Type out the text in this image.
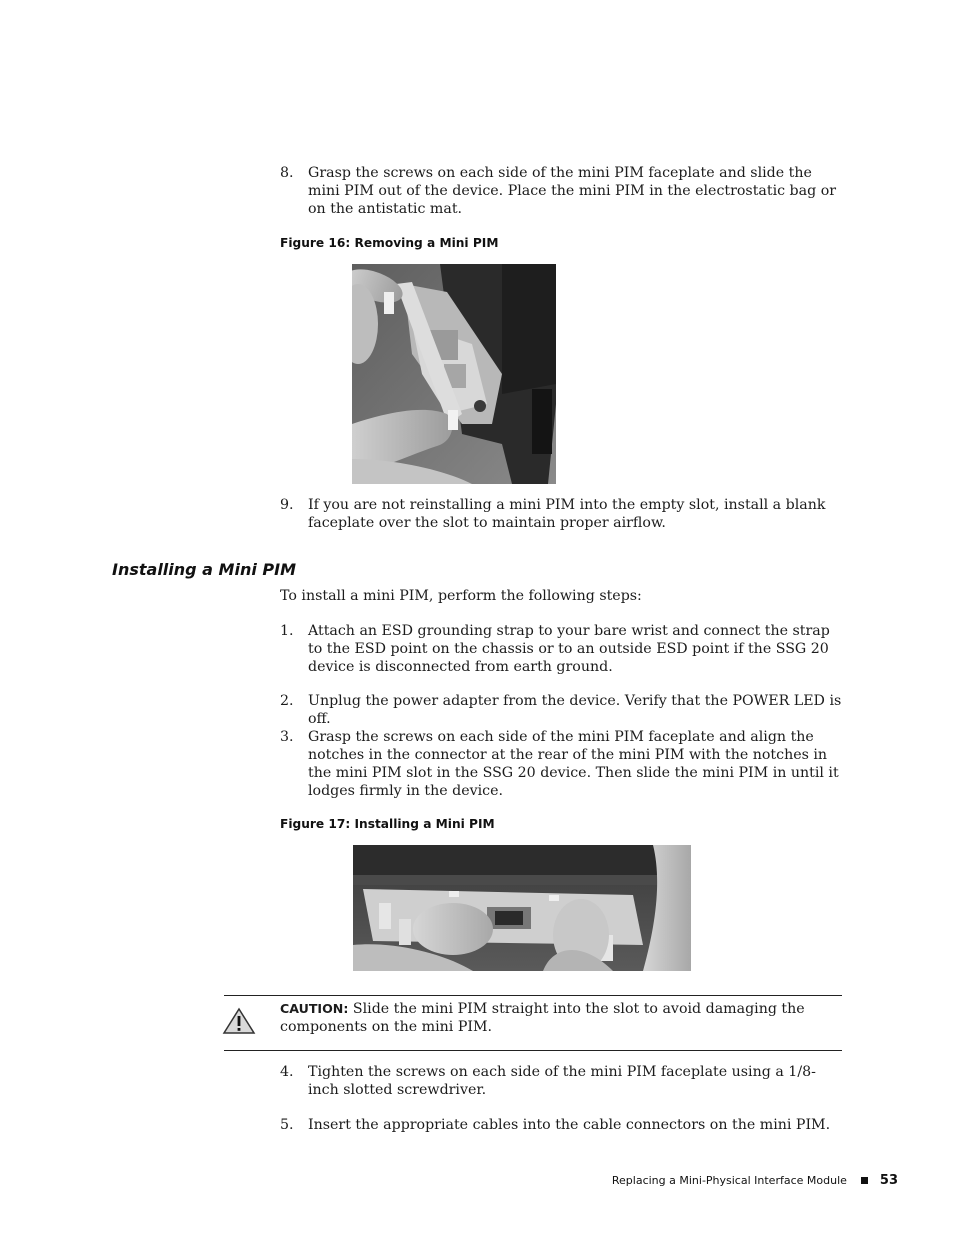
8. Grasp the screws on each side of the mini PIM faceplate and slide the mini PIM out of the device. Place the mini PIM in the electrostatic bag or on the antistatic mat.
Figure 16: Removing a Mini PIM
9. If you are not reinstalling a mini PIM into the empty slot, install a blank faceplate over the slot to maintain proper airflow.
Installing a Mini PIM
To install a mini PIM, perform the following steps:
1. Attach an ESD grounding strap to your bare wrist and connect the strap to the ESD point on the chassis or to an outside ESD point if the SSG 20 device is disconnected from earth ground.
2. Unplug the power adapter from the device. Verify that the POWER LED is off.
3. Grasp the screws on each side of the mini PIM faceplate and align the notches in the connector at the rear of the mini PIM with the notches in the mini PIM slot in the SSG 20 device. Then slide the mini PIM in until it lodges firmly in the device.
Figure 17: Installing a Mini PIM
CAUTION: Slide the mini PIM straight into the slot to avoid damaging the components on the mini PIM.
4. Tighten the screws on each side of the mini PIM faceplate using a 1/8-inch slotted screwdriver.
5. Insert the appropriate cables into the cable connectors on the mini PIM.
Replacing a Mini-Physical Interface Module	53
